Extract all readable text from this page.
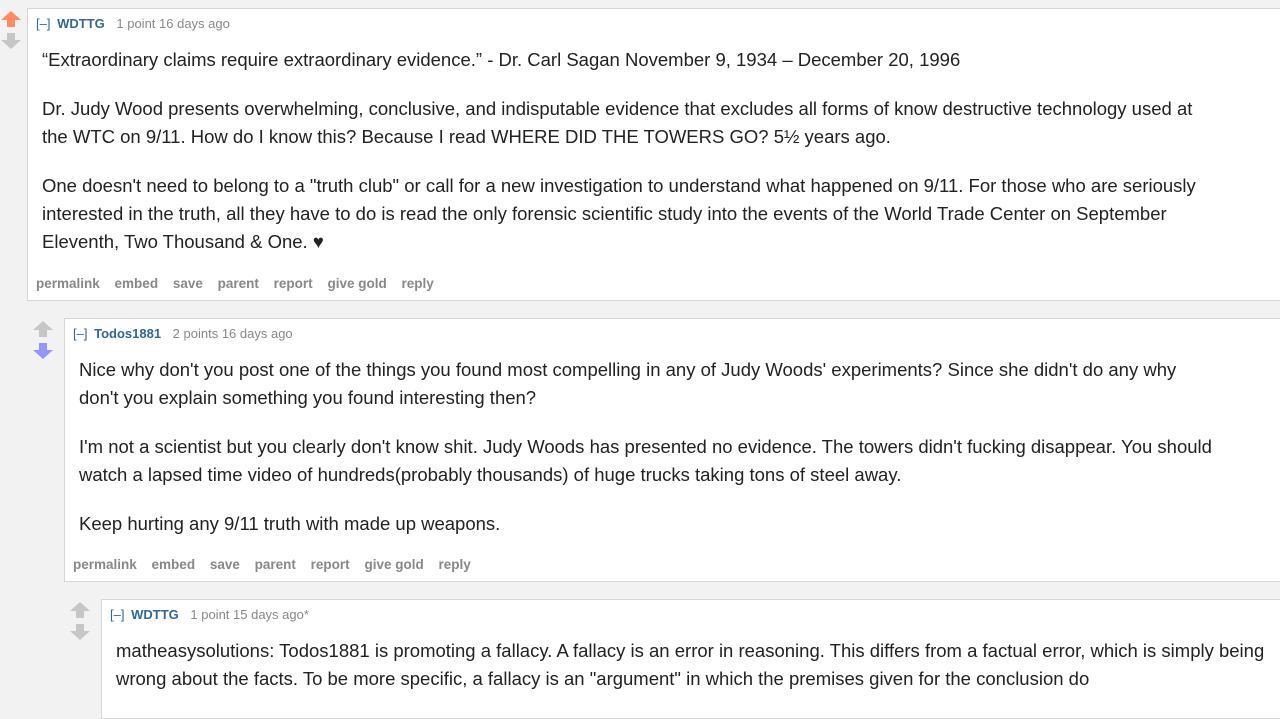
[–] WDTTG 1 point 16 days ago

“Extraordinary claims require extraordinary evidence.” - Dr. Carl Sagan November 9, 1934 – December 20, 1996

Dr. Judy Wood presents overwhelming, conclusive, and indisputable evidence that excludes all forms of know destructive technology used at the WTC on 9/11. How do I know this? Because I read WHERE DID THE TOWERS GO? 5½ years ago.

One doesn't need to belong to a "truth club" or call for a new investigation to understand what happened on 9/11. For those who are seriously interested in the truth, all they have to do is read the only forensic scientific study into the events of the World Trade Center on September Eleventh, Two Thousand & One. ♥

permalink embed save parent report give gold reply
[–] Todos1881 2 points 16 days ago

Nice why don't you post one of the things you found most compelling in any of Judy Woods' experiments? Since she didn't do any why don't you explain something you found interesting then?

I'm not a scientist but you clearly don't know shit. Judy Woods has presented no evidence. The towers didn't fucking disappear. You should watch a lapsed time video of hundreds(probably thousands) of huge trucks taking tons of steel away.

Keep hurting any 9/11 truth with made up weapons.

permalink embed save parent report give gold reply
[–] WDTTG 1 point 15 days ago*

matheasysolutions: Todos1881 is promoting a fallacy. A fallacy is an error in reasoning. This differs from a factual error, which is simply being wrong about the facts. To be more specific, a fallacy is an "argument" in which the premises given for the conclusion do
